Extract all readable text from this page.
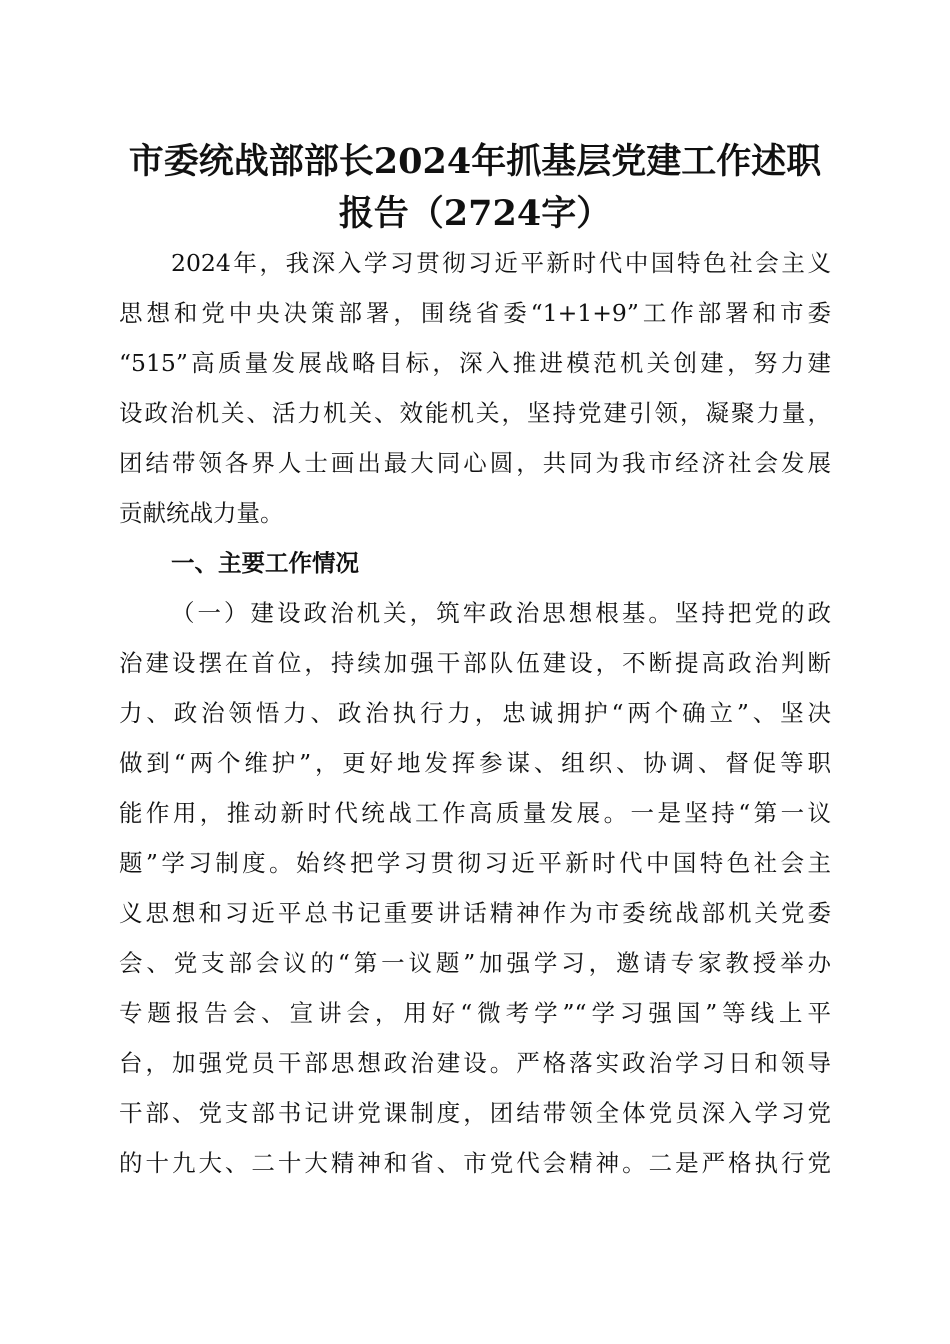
市委统战部部长2024年抓基层党建工作述职
报告（2724字）

2024年，我深入学习贯彻习近平新时代中国特色社会主义

思想和党中央决策部署，围绕省委“1+1+9”工作部署和市委

“515”高质量发展战略目标，深入推进模范机关创建，努力建

设政治机关、活力机关、效能机关，坚持党建引领，凝聚力量，

团结带领各界人士画出最大同心圆，共同为我市经济社会发展

贡献统战力量。

一、主要工作情况

（一）建设政治机关，筑牢政治思想根基。坚持把党的政

治建设摆在首位，持续加强干部队伍建设，不断提高政治判断

力、政治领悟力、政治执行力，忠诚拥护“两个确立”、坚决

做到“两个维护”，更好地发挥参谋、组织、协调、督促等职

能作用，推动新时代统战工作高质量发展。一是坚持“第一议

题”学习制度。始终把学习贯彻习近平新时代中国特色社会主

义思想和习近平总书记重要讲话精神作为市委统战部机关党委

会、党支部会议的“第一议题”加强学习，邀请专家教授举办

专题报告会、宣讲会，用好“微考学”“学习强国”等线上平

台，加强党员干部思想政治建设。严格落实政治学习日和领导

干部、党支部书记讲党课制度，团结带领全体党员深入学习党

的十九大、二十大精神和省、市党代会精神。二是严格执行党
